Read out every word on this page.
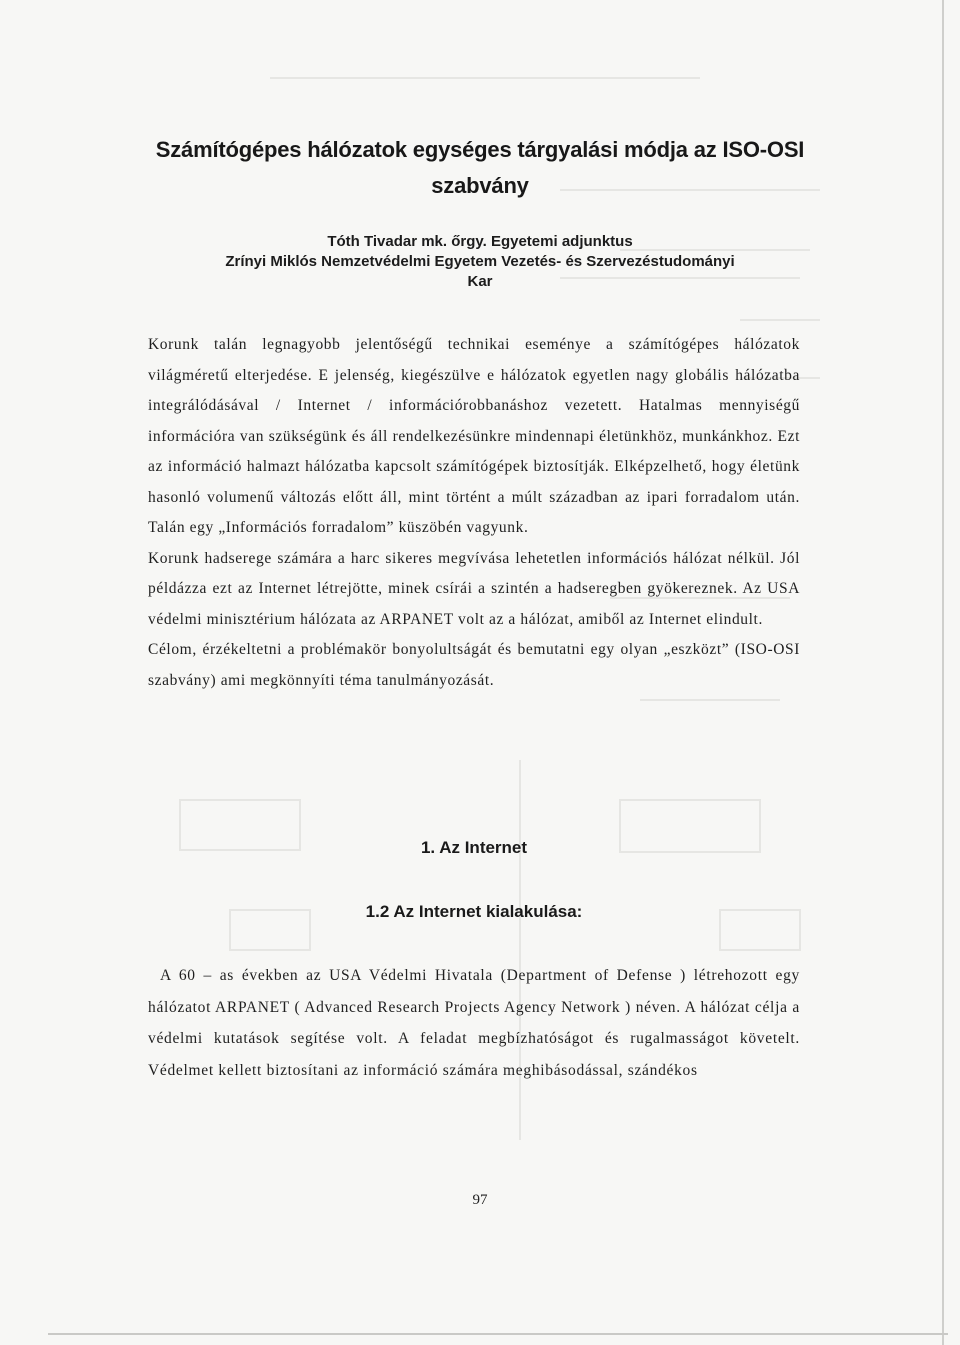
Számítógépes hálózatok egységes tárgyalási módja az ISO-OSI szabvány
Tóth Tivadar mk. őrgy. Egyetemi adjunktus
Zrínyi Miklós Nemzetvédelmi Egyetem Vezetés- és Szervezéstudományi
Kar

Korunk talán legnagyobb jelentőségű technikai eseménye a számítógépes hálózatok világméretű elterjedése. E jelenség, kiegészülve e hálózatok egyetlen nagy globális hálózatba integrálódásával / Internet / információrobbanáshoz vezetett. Hatalmas mennyiségű információra van szükségünk és áll rendelkezésünkre mindennapi életünkhöz, munkánkhoz. Ezt az információ halmazt hálózatba kapcsolt számítógépek biztosítják. Elképzelhető, hogy életünk hasonló volumenű változás előtt áll, mint történt a múlt században az ipari forradalom után. Talán egy „Információs forradalom” küszöbén vagyunk.

Korunk hadserege számára a harc sikeres megvívása lehetetlen információs hálózat nélkül. Jól példázza ezt az Internet létrejötte, minek csírái a szintén a hadseregben gyökereznek. Az USA védelmi minisztérium hálózata az ARPANET volt az a hálózat, amiből az Internet elindult.

Célom, érzékeltetni a problémakör bonyolultságát és bemutatni egy olyan „eszközt” (ISO-OSI szabvány) ami megkönnyíti téma tanulmányozását.

1. Az Internet
1.2 Az Internet kialakulása:

A 60 – as években az USA Védelmi Hivatala (Department of Defense ) létrehozott egy hálózatot ARPANET ( Advanced Research Projects Agency Network ) néven. A hálózat célja a védelmi kutatások segítése volt. A feladat megbízhatóságot és rugalmasságot követelt. Védelmet kellett biztosítani az információ számára meghibásodással, szándékos

97
